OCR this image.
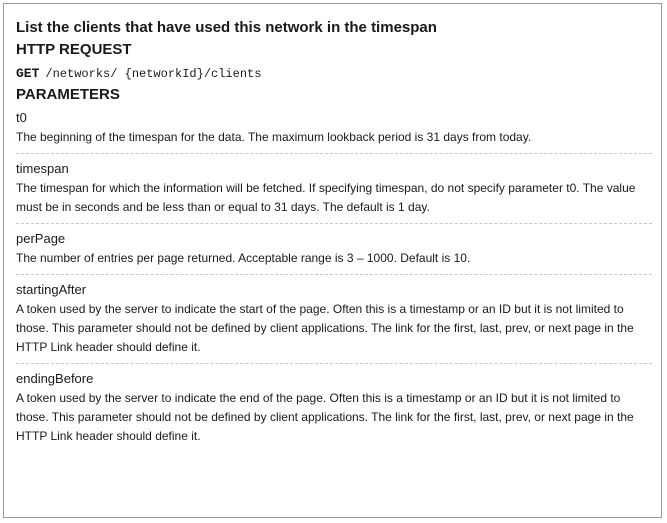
List the clients that have used this network in the timespan
HTTP REQUEST
GET /networks/ {networkId}/clients
PARAMETERS
t0
The beginning of the timespan for the data. The maximum lookback period is 31 days from today.
timespan
The timespan for which the information will be fetched. If specifying timespan, do not specify parameter t0. The value must be in seconds and be less than or equal to 31 days. The default is 1 day.
perPage
The number of entries per page returned. Acceptable range is 3 – 1000. Default is 10.
startingAfter
A token used by the server to indicate the start of the page. Often this is a timestamp or an ID but it is not limited to those. This parameter should not be defined by client applications. The link for the first, last, prev, or next page in the HTTP Link header should define it.
endingBefore
A token used by the server to indicate the end of the page. Often this is a timestamp or an ID but it is not limited to those. This parameter should not be defined by client applications. The link for the first, last, prev, or next page in the HTTP Link header should define it.
